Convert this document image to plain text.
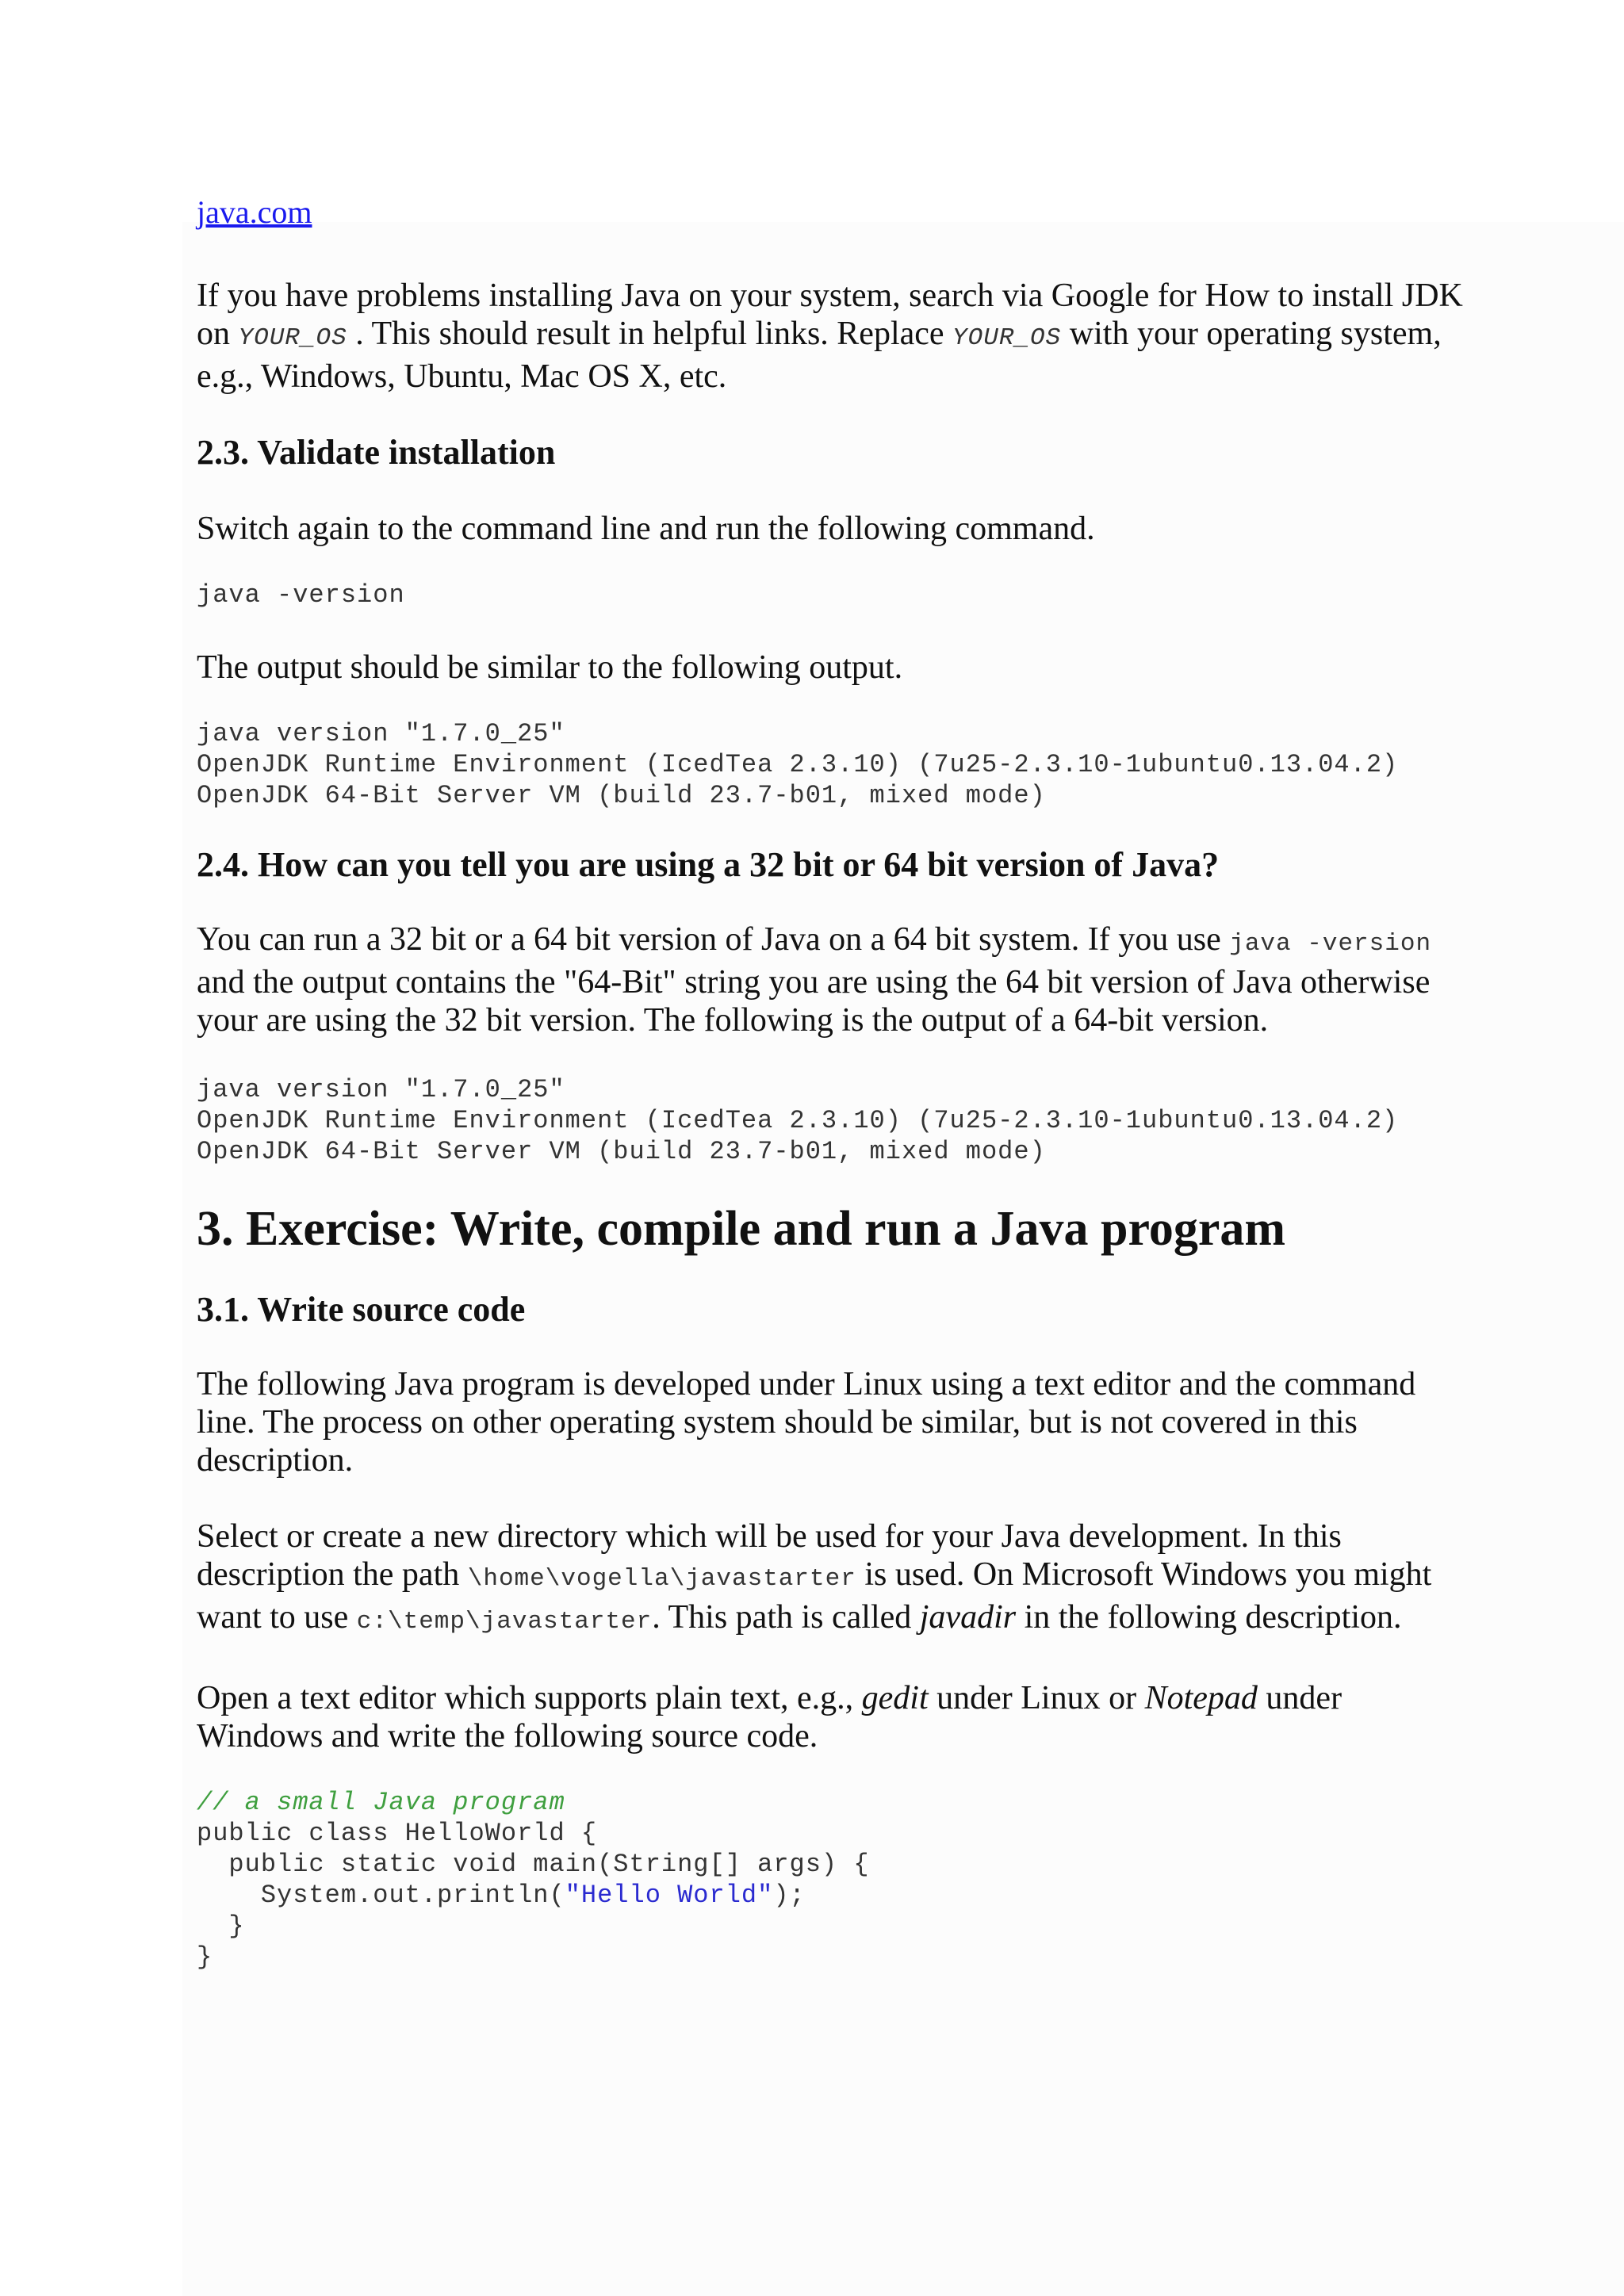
java.com

If you have problems installing Java on your system, search via Google for How to install JDK on YOUR_OS . This should result in helpful links. Replace YOUR_OS with your operating system, e.g., Windows, Ubuntu, Mac OS X, etc.

2.3. Validate installation

Switch again to the command line and run the following command.

java -version

The output should be similar to the following output.

java version "1.7.0_25"
OpenJDK Runtime Environment (IcedTea 2.3.10) (7u25-2.3.10-1ubuntu0.13.04.2)
OpenJDK 64-Bit Server VM (build 23.7-b01, mixed mode)
2.4. How can you tell you are using a 32 bit or 64 bit version of Java?

You can run a 32 bit or a 64 bit version of Java on a 64 bit system. If you use java -version and the output contains the "64-Bit" string you are using the 64 bit version of Java otherwise your are using the 32 bit version. The following is the output of a 64-bit version.

java version "1.7.0_25"
OpenJDK Runtime Environment (IcedTea 2.3.10) (7u25-2.3.10-1ubuntu0.13.04.2)
OpenJDK 64-Bit Server VM (build 23.7-b01, mixed mode)
3. Exercise: Write, compile and run a Java program
3.1. Write source code

The following Java program is developed under Linux using a text editor and the command line. The process on other operating system should be similar, but is not covered in this description.

Select or create a new directory which will be used for your Java development. In this description the path \home\vogella\javastarter is used. On Microsoft Windows you might want to use c:\temp\javastarter. This path is called javadir in the following description.

Open a text editor which supports plain text, e.g., gedit under Linux or Notepad under Windows and write the following source code.

// a small Java program
public class HelloWorld {
public static void main(String[] args) {
System.out.println("Hello World");
}
}
